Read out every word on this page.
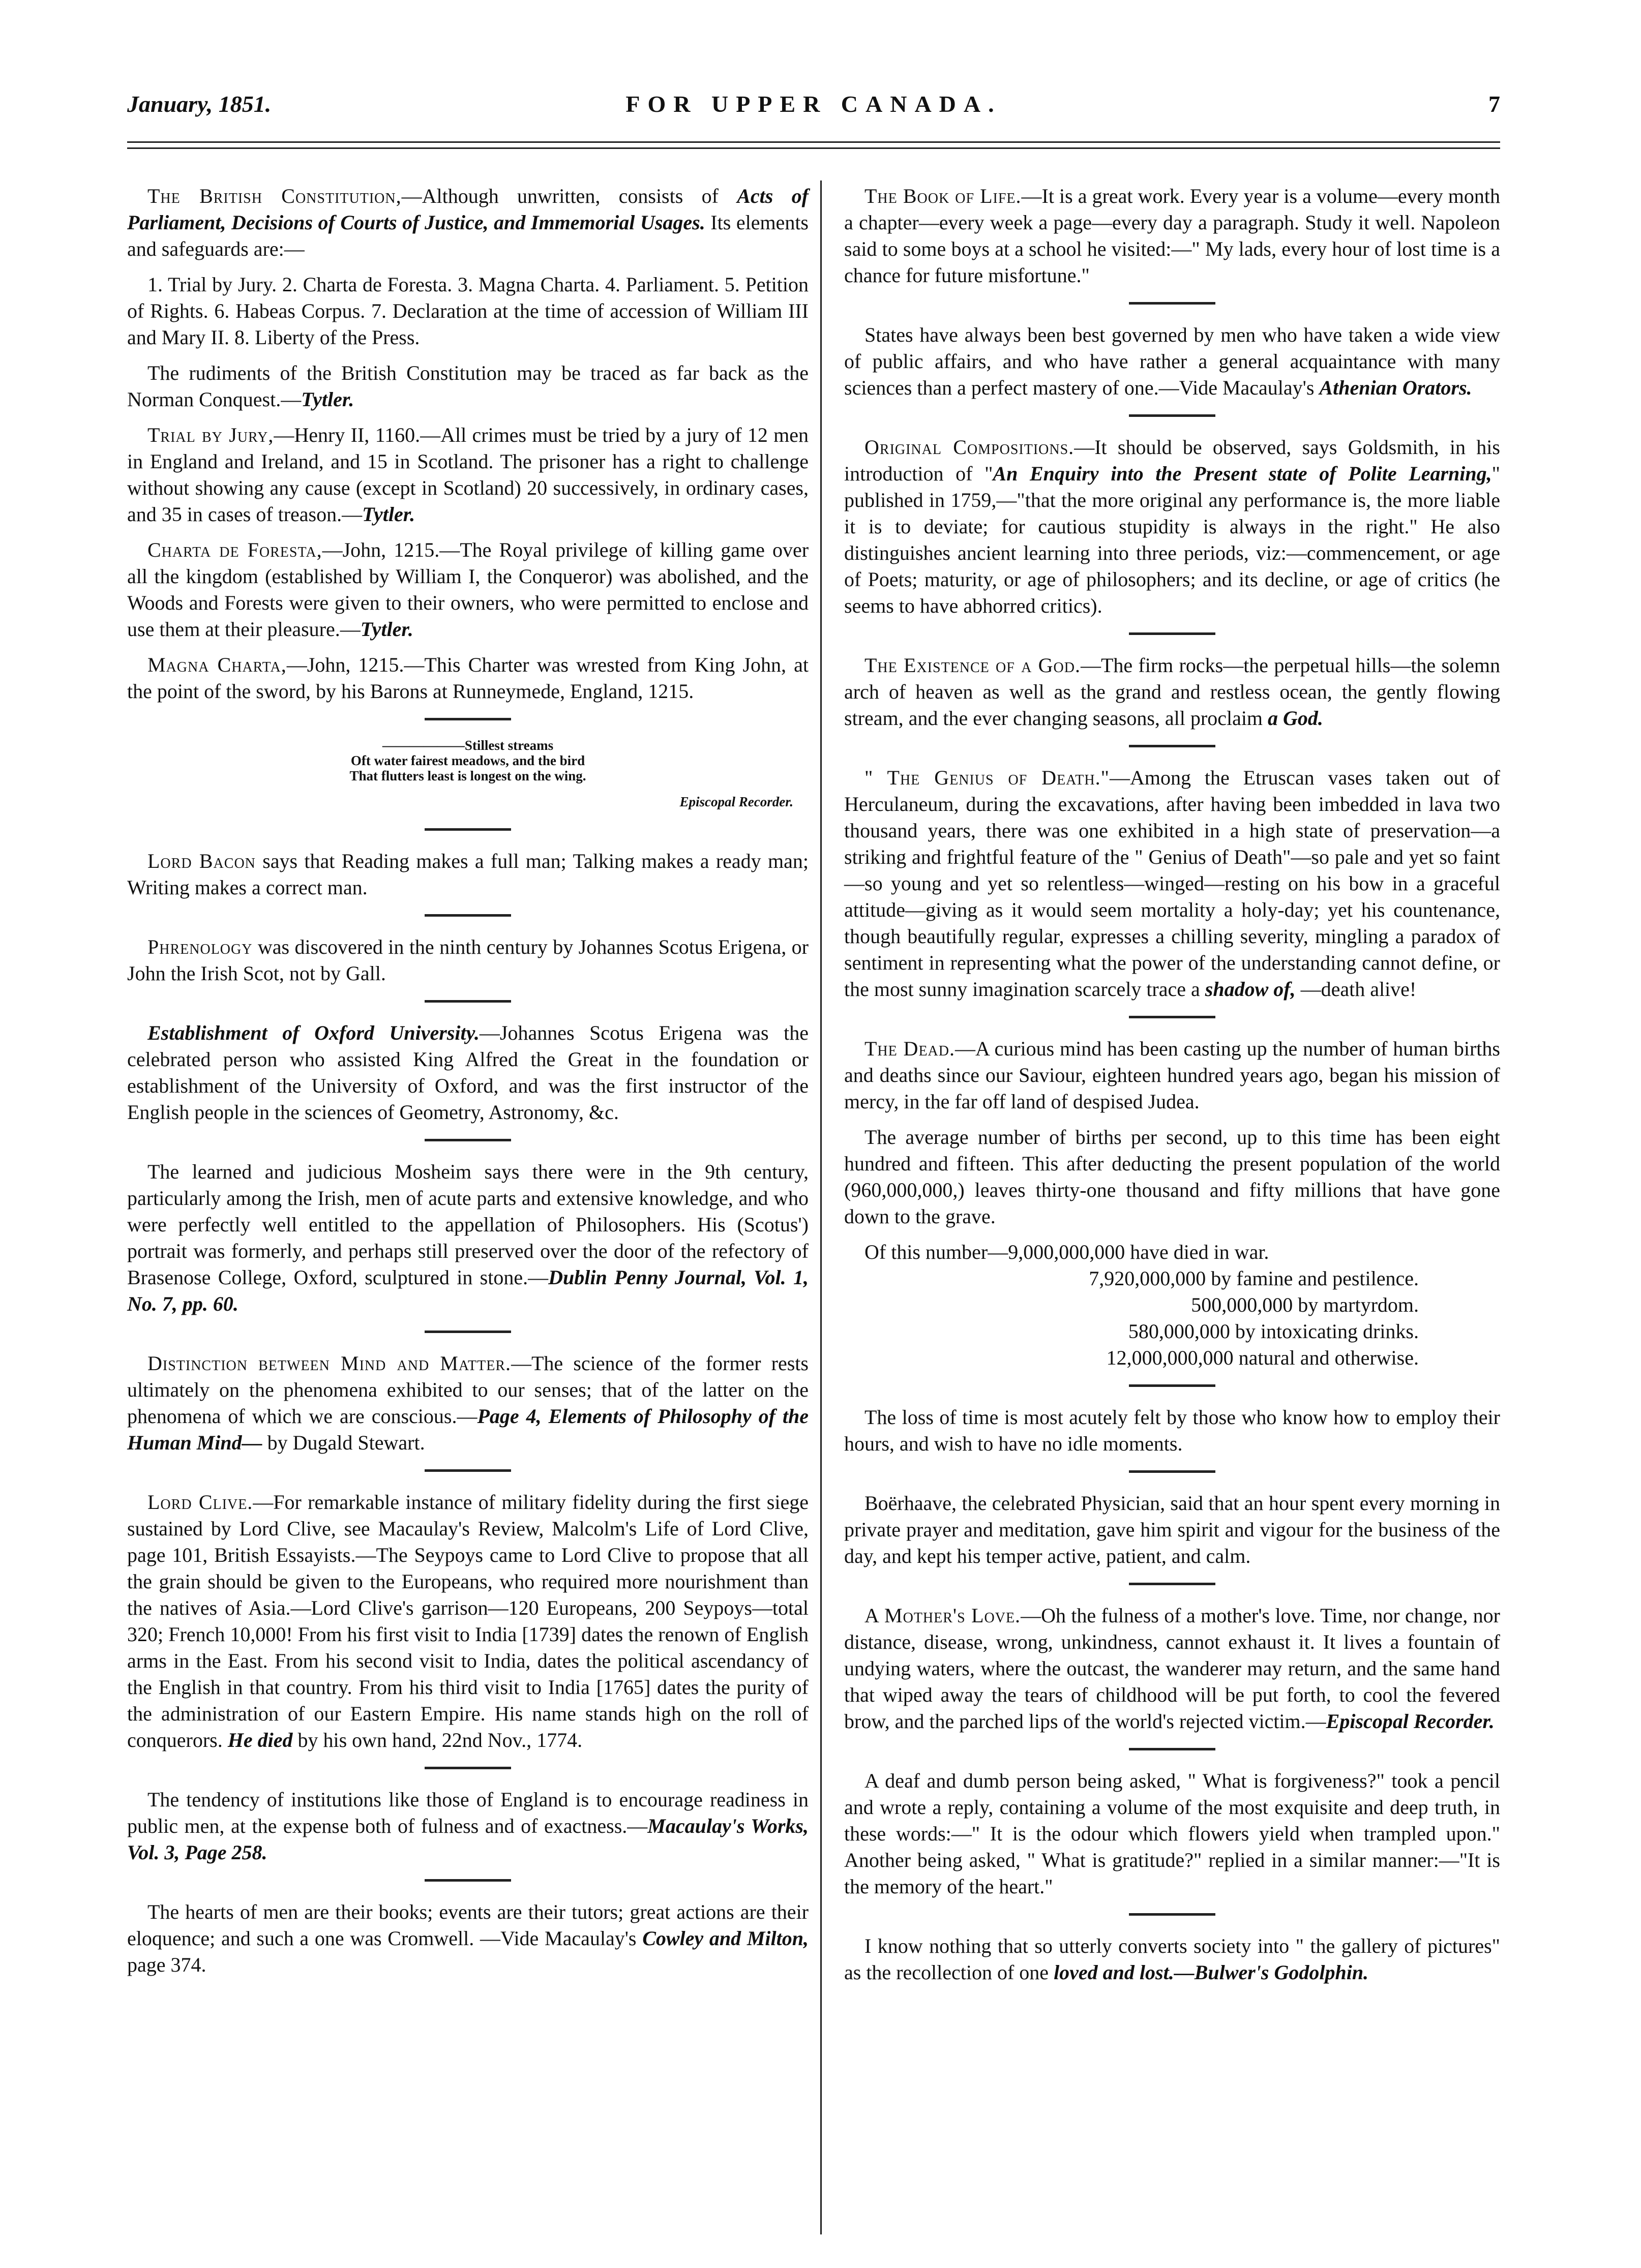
January, 1851.	FOR UPPER CANADA.	7

The British Constitution,—Although unwritten, consists of Acts of Parliament, Decisions of Courts of Justice, and Immemorial Usages. Its elements and safeguards are:—

1. Trial by Jury. 2. Charta de Foresta. 3. Magna Charta. 4. Parliament. 5. Petition of Rights. 6. Habeas Corpus. 7. Declaration at the time of accession of William III and Mary II. 8. Liberty of the Press.

The rudiments of the British Constitution may be traced as far back as the Norman Conquest.—Tytler.

Trial by Jury,—Henry II, 1160.—All crimes must be tried by a jury of 12 men in England and Ireland, and 15 in Scotland. The prisoner has a right to challenge without showing any cause (except in Scotland) 20 successively, in ordinary cases, and 35 in cases of treason.—Tytler.

Charta de Foresta,—John, 1215.—The Royal privilege of killing game over all the kingdom (established by William I, the Conqueror) was abolished, and the Woods and Forests were given to their owners, who were permitted to enclose and use them at their pleasure.—Tytler.

Magna Charta,—John, 1215.—This Charter was wrested from King John, at the point of the sword, by his Barons at Runneymede, England, 1215.

——————Stillest streams
Oft water fairest meadows, and the bird
That flutters least is longest on the wing.
Episcopal Recorder.

Lord Bacon says that Reading makes a full man; Talking makes a ready man; Writing makes a correct man.

Phrenology was discovered in the ninth century by Johannes Scotus Erigena, or John the Irish Scot, not by Gall.

Establishment of Oxford University.—Johannes Scotus Erigena was the celebrated person who assisted King Alfred the Great in the foundation or establishment of the University of Oxford, and was the first instructor of the English people in the sciences of Geometry, Astronomy, &c.

The learned and judicious Mosheim says there were in the 9th century, particularly among the Irish, men of acute parts and extensive knowledge, and who were perfectly well entitled to the appellation of Philosophers. His (Scotus') portrait was formerly, and perhaps still preserved over the door of the refectory of Brasenose College, Oxford, sculptured in stone.—Dublin Penny Journal, Vol. 1, No. 7, pp. 60.

Distinction between Mind and Matter.—The science of the former rests ultimately on the phenomena exhibited to our senses; that of the latter on the phenomena of which we are conscious.—Page 4, Elements of Philosophy of the Human Mind— by Dugald Stewart.

Lord Clive.—For remarkable instance of military fidelity during the first siege sustained by Lord Clive, see Macaulay's Review, Malcolm's Life of Lord Clive, page 101, British Essayists.—The Seypoys came to Lord Clive to propose that all the grain should be given to the Europeans, who required more nourishment than the natives of Asia.—Lord Clive's garrison—120 Europeans, 200 Seypoys—total 320; French 10,000! From his first visit to India [1739] dates the renown of English arms in the East. From his second visit to India, dates the political ascendancy of the English in that country. From his third visit to India [1765] dates the purity of the administration of our Eastern Empire. His name stands high on the roll of conquerors. He died by his own hand, 22nd Nov., 1774.

The tendency of institutions like those of England is to encourage readiness in public men, at the expense both of fulness and of exactness.—Macaulay's Works, Vol. 3, Page 258.

The hearts of men are their books; events are their tutors; great actions are their eloquence; and such a one was Cromwell. —Vide Macaulay's Cowley and Milton, page 374.

The Book of Life.—It is a great work. Every year is a volume—every month a chapter—every week a page—every day a paragraph. Study it well. Napoleon said to some boys at a school he visited:—" My lads, every hour of lost time is a chance for future misfortune."

States have always been best governed by men who have taken a wide view of public affairs, and who have rather a general acquaintance with many sciences than a perfect mastery of one.—Vide Macaulay's Athenian Orators.

Original Compositions.—It should be observed, says Goldsmith, in his introduction of "An Enquiry into the Present state of Polite Learning," published in 1759,—"that the more original any performance is, the more liable it is to deviate; for cautious stupidity is always in the right." He also distinguishes ancient learning into three periods, viz:—commencement, or age of Poets; maturity, or age of philosophers; and its decline, or age of critics (he seems to have abhorred critics).

The Existence of a God.—The firm rocks—the perpetual hills—the solemn arch of heaven as well as the grand and restless ocean, the gently flowing stream, and the ever changing seasons, all proclaim a God.

" The Genius of Death."—Among the Etruscan vases taken out of Herculaneum, during the excavations, after having been imbedded in lava two thousand years, there was one exhibited in a high state of preservation—a striking and frightful feature of the " Genius of Death"—so pale and yet so faint—so young and yet so relentless—winged—resting on his bow in a graceful attitude—giving as it would seem mortality a holy-day; yet his countenance, though beautifully regular, expresses a chilling severity, mingling a paradox of sentiment in representing what the power of the understanding cannot define, or the most sunny imagination scarcely trace a shadow of, —death alive!

The Dead.—A curious mind has been casting up the number of human births and deaths since our Saviour, eighteen hundred years ago, began his mission of mercy, in the far off land of despised Judea.

The average number of births per second, up to this time has been eight hundred and fifteen. This after deducting the present population of the world (960,000,000,) leaves thirty-one thousand and fifty millions that have gone down to the grave.

Of this number—9,000,000,000 have died in war.

7,920,000,000 by famine and pestilence.

500,000,000 by martyrdom.

580,000,000 by intoxicating drinks.

12,000,000,000 natural and otherwise.

The loss of time is most acutely felt by those who know how to employ their hours, and wish to have no idle moments.

Boërhaave, the celebrated Physician, said that an hour spent every morning in private prayer and meditation, gave him spirit and vigour for the business of the day, and kept his temper active, patient, and calm.

A Mother's Love.—Oh the fulness of a mother's love. Time, nor change, nor distance, disease, wrong, unkindness, cannot exhaust it. It lives a fountain of undying waters, where the outcast, the wanderer may return, and the same hand that wiped away the tears of childhood will be put forth, to cool the fevered brow, and the parched lips of the world's rejected victim.—Episcopal Recorder.

A deaf and dumb person being asked, " What is forgiveness?" took a pencil and wrote a reply, containing a volume of the most exquisite and deep truth, in these words:—" It is the odour which flowers yield when trampled upon." Another being asked, " What is gratitude?" replied in a similar manner:—"It is the memory of the heart."

I know nothing that so utterly converts society into " the gallery of pictures" as the recollection of one loved and lost.—Bulwer's Godolphin.
